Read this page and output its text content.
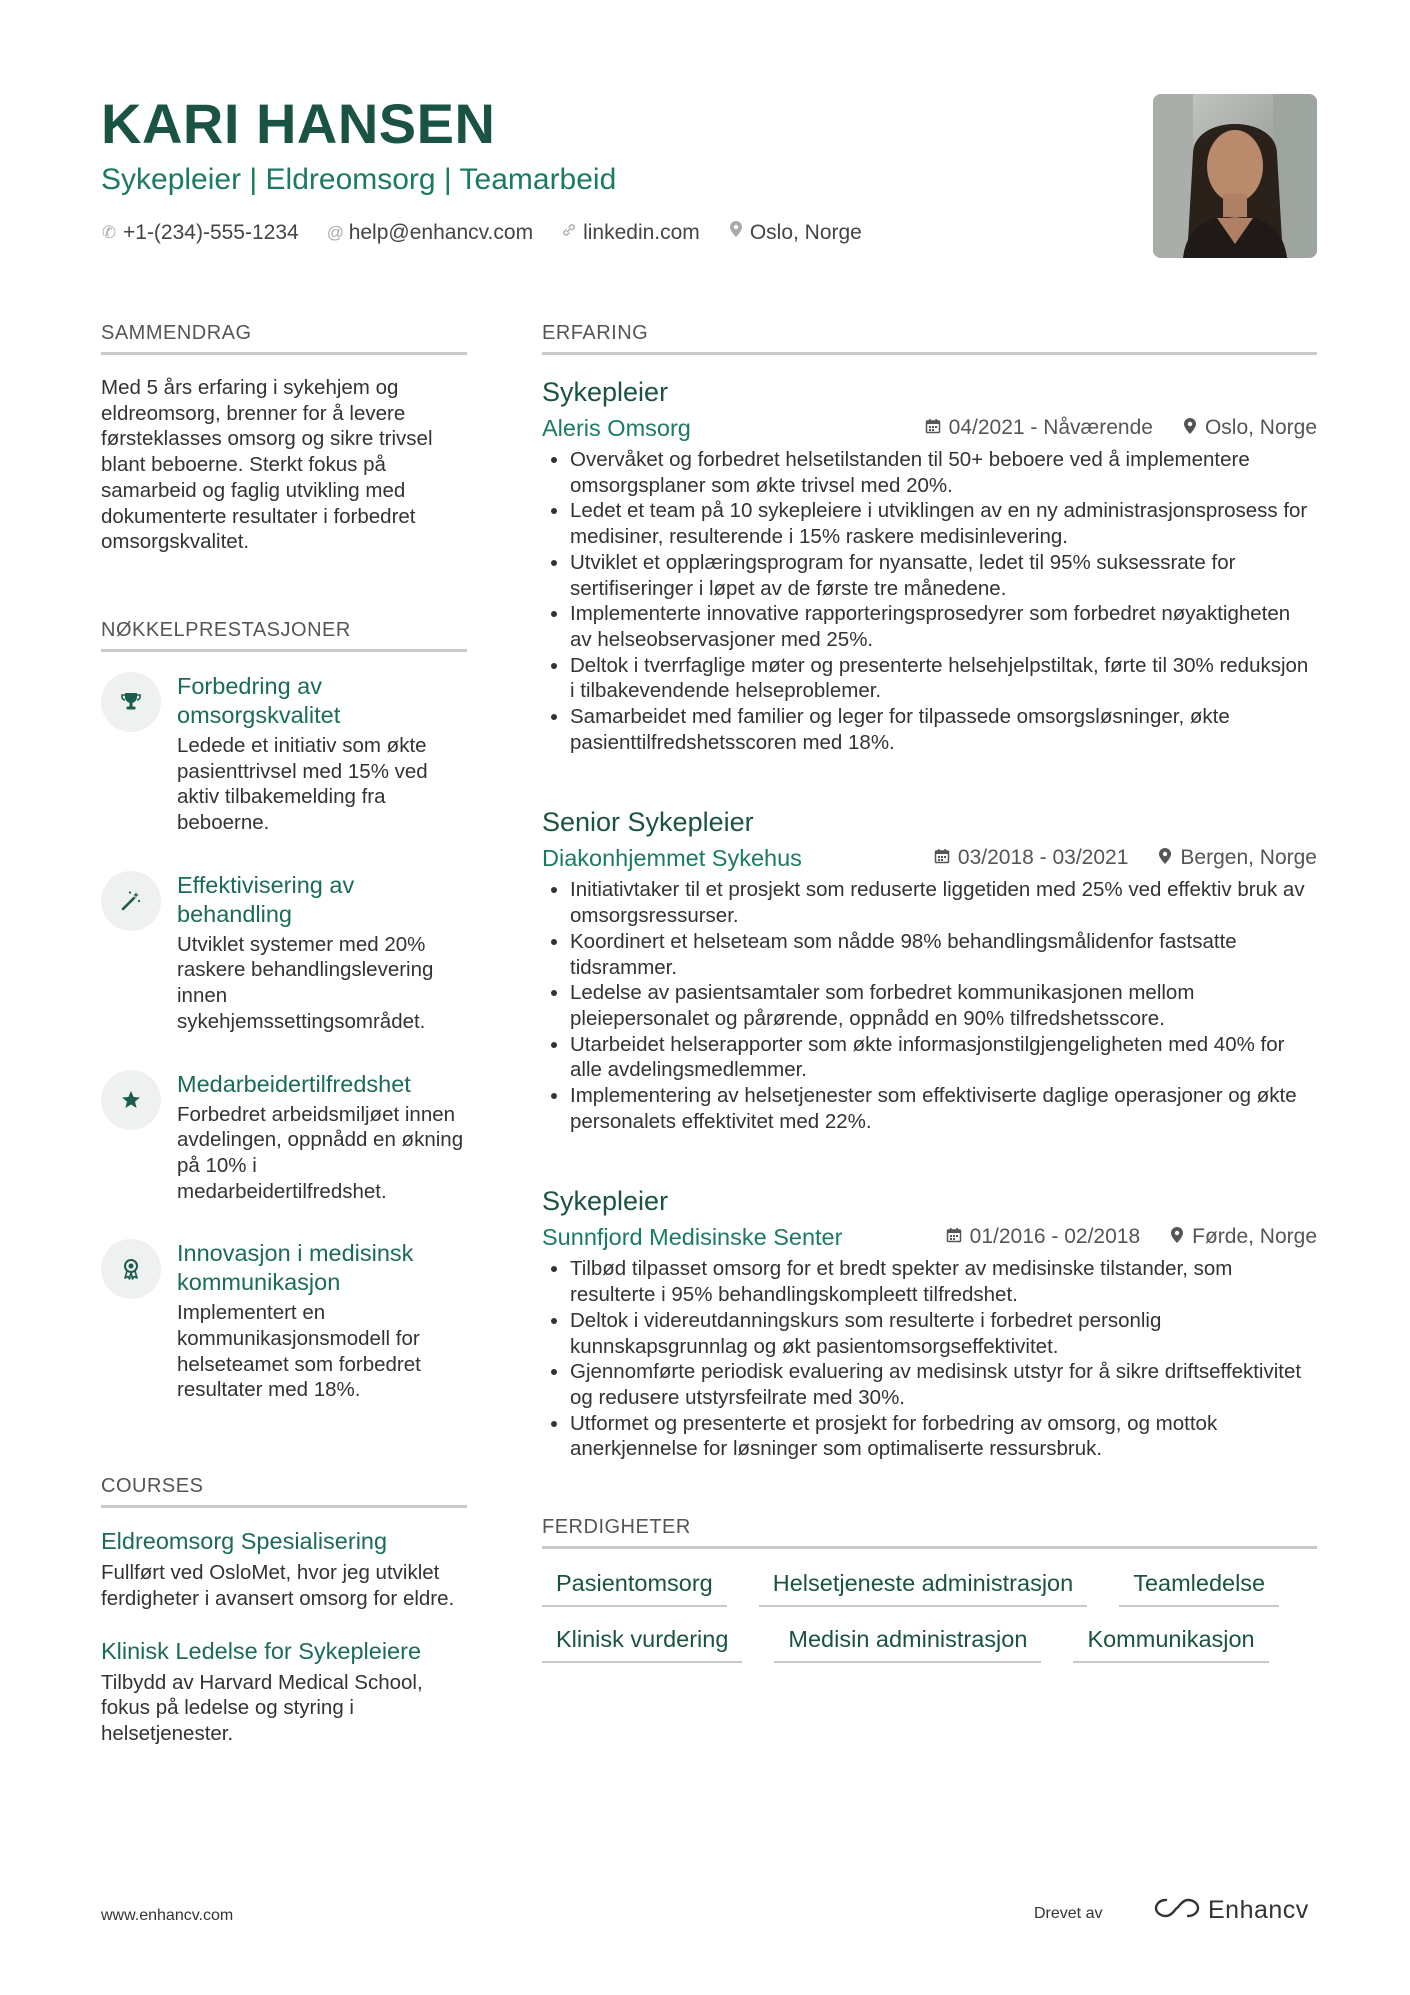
KARI HANSEN
Sykepleier | Eldreomsorg | Teamarbeid
✆ +1-(234)-555-1234 @ help@enhancv.com linkedin.com Oslo, Norge
SAMMENDRAG
Med 5 års erfaring i sykehjem og eldreomsorg, brenner for å levere førsteklasses omsorg og sikre trivsel blant beboerne. Sterkt fokus på samarbeid og faglig utvikling med dokumenterte resultater i forbedret omsorgskvalitet.
NØKKELPRESTASJONER
Forbedring av omsorgskvalitet
Ledede et initiativ som økte pasienttrivsel med 15% ved aktiv tilbakemelding fra beboerne.
Effektivisering av behandling
Utviklet systemer med 20% raskere behandlingslevering innen sykehjemssettingsområdet.
Medarbeidertilfredshet
Forbedret arbeidsmiljøet innen avdelingen, oppnådd en økning på 10% i medarbeidertilfredshet.
Innovasjon i medisinsk kommunikasjon
Implementert en kommunikasjonsmodell for helseteamet som forbedret resultater med 18%.
COURSES
Eldreomsorg Spesialisering
Fullført ved OsloMet, hvor jeg utviklet ferdigheter i avansert omsorg for eldre.
Klinisk Ledelse for Sykepleiere
Tilbydd av Harvard Medical School, fokus på ledelse og styring i helsetjenester.
ERFARING
Sykepleier
Aleris Omsorg	04/2021 - Nåværende Oslo, Norge
• Overvåket og forbedret helsetilstanden til 50+ beboere ved å implementere omsorgsplaner som økte trivsel med 20%.
• Ledet et team på 10 sykepleiere i utviklingen av en ny administrasjonsprosess for medisiner, resulterende i 15% raskere medisinlevering.
• Utviklet et opplæringsprogram for nyansatte, ledet til 95% suksessrate for sertifiseringer i løpet av de første tre månedene.
• Implementerte innovative rapporteringsprosedyrer som forbedret nøyaktigheten av helseobservasjoner med 25%.
• Deltok i tverrfaglige møter og presenterte helsehjelpstiltak, førte til 30% reduksjon i tilbakevendende helseproblemer.
• Samarbeidet med familier og leger for tilpassede omsorgsløsninger, økte pasienttilfredshetsscoren med 18%.
Senior Sykepleier
Diakonhjemmet Sykehus	03/2018 - 03/2021 Bergen, Norge
• Initiativtaker til et prosjekt som reduserte liggetiden med 25% ved effektiv bruk av omsorgsressurser.
• Koordinert et helseteam som nådde 98% behandlingsmålidenfor fastsatte tidsrammer.
• Ledelse av pasientsamtaler som forbedret kommunikasjonen mellom pleiepersonalet og pårørende, oppnådd en 90% tilfredshetsscore.
• Utarbeidet helserapporter som økte informasjonstilgjengeligheten med 40% for alle avdelingsmedlemmer.
• Implementering av helsetjenester som effektiviserte daglige operasjoner og økte personalets effektivitet med 22%.
Sykepleier
Sunnfjord Medisinske Senter	01/2016 - 02/2018 Førde, Norge
• Tilbød tilpasset omsorg for et bredt spekter av medisinske tilstander, som resulterte i 95% behandlingskompleett tilfredshet.
• Deltok i videreutdanningskurs som resulterte i forbedret personlig kunnskapsgrunnlag og økt pasientomsorgseffektivitet.
• Gjennomførte periodisk evaluering av medisinsk utstyr for å sikre driftseffektivitet og redusere utstyrsfeilrate med 30%.
• Utformet og presenterte et prosjekt for forbedring av omsorg, og mottok anerkjennelse for løsninger som optimaliserte ressursbruk.
FERDIGHETER
Pasientomsorg	Helsetjeneste administrasjon	Teamledelse
Klinisk vurdering	Medisin administrasjon	Kommunikasjon
www.enhancv.com	Drevet av	Enhancv
